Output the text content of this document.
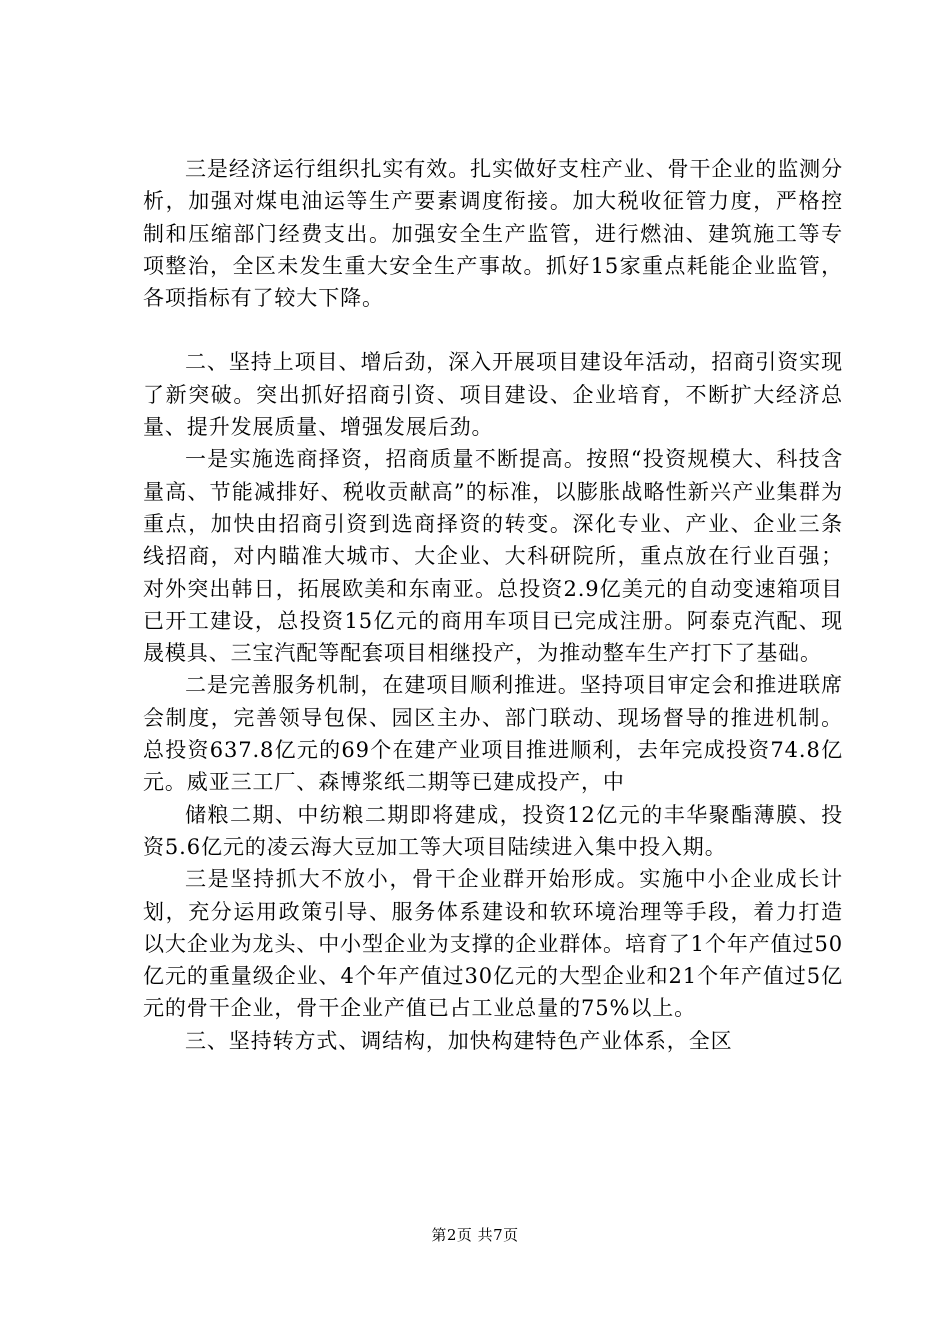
三是经济运行组织扎实有效。扎实做好支柱产业、骨干企业的监测分析，加强对煤电油运等生产要素调度衔接。加大税收征管力度，严格控制和压缩部门经费支出。加强安全生产监管，进行燃油、建筑施工等专项整治，全区未发生重大安全生产事故。抓好15家重点耗能企业监管，各项指标有了较大下降。

二、坚持上项目、增后劲，深入开展项目建设年活动，招商引资实现了新突破。突出抓好招商引资、项目建设、企业培育，不断扩大经济总量、提升发展质量、增强发展后劲。

一是实施选商择资，招商质量不断提高。按照“投资规模大、科技含量高、节能减排好、税收贡献高”的标准，以膨胀战略性新兴产业集群为重点，加快由招商引资到选商择资的转变。深化专业、产业、企业三条线招商，对内瞄准大城市、大企业、大科研院所，重点放在行业百强；对外突出韩日，拓展欧美和东南亚。总投资2.9亿美元的自动变速箱项目已开工建设，总投资15亿元的商用车项目已完成注册。阿泰克汽配、现晟模具、三宝汽配等配套项目相继投产，为推动整车生产打下了基础。

二是完善服务机制，在建项目顺利推进。坚持项目审定会和推进联席会制度，完善领导包保、园区主办、部门联动、现场督导的推进机制。总投资637.8亿元的69个在建产业项目推进顺利，去年完成投资74.8亿元。威亚三工厂、森博浆纸二期等已建成投产，中

储粮二期、中纺粮二期即将建成，投资12亿元的丰华聚酯薄膜、投资5.6亿元的凌云海大豆加工等大项目陆续进入集中投入期。

三是坚持抓大不放小，骨干企业群开始形成。实施中小企业成长计划，充分运用政策引导、服务体系建设和软环境治理等手段，着力打造以大企业为龙头、中小型企业为支撑的企业群体。培育了1个年产值过50亿元的重量级企业、4个年产值过30亿元的大型企业和21个年产值过5亿元的骨干企业，骨干企业产值已占工业总量的75%以上。

三、坚持转方式、调结构，加快构建特色产业体系，全区

第2页 共7页
